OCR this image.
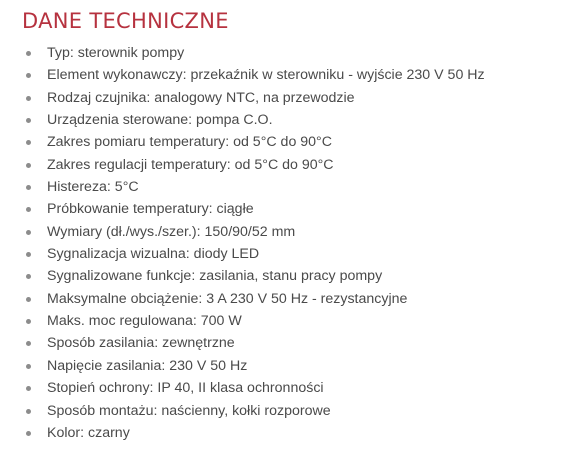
DANE TECHNICZNE
Typ: sterownik pompy
Element wykonawczy: przekaźnik w sterowniku - wyjście 230 V 50 Hz
Rodzaj czujnika: analogowy NTC, na przewodzie
Urządzenia sterowane: pompa C.O.
Zakres pomiaru temperatury: od 5°C do 90°C
Zakres regulacji temperatury: od 5°C do 90°C
Histereza: 5°C
Próbkowanie temperatury: ciągłe
Wymiary (dł./wys./szer.): 150/90/52 mm
Sygnalizacja wizualna: diody LED
Sygnalizowane funkcje: zasilania, stanu pracy pompy
Maksymalne obciążenie: 3 A 230 V 50 Hz - rezystancyjne
Maks. moc regulowana: 700 W
Sposób zasilania: zewnętrzne
Napięcie zasilania: 230 V 50 Hz
Stopień ochrony: IP 40, II klasa ochronności
Sposób montażu: naścienny, kołki rozporowe
Kolor: czarny
